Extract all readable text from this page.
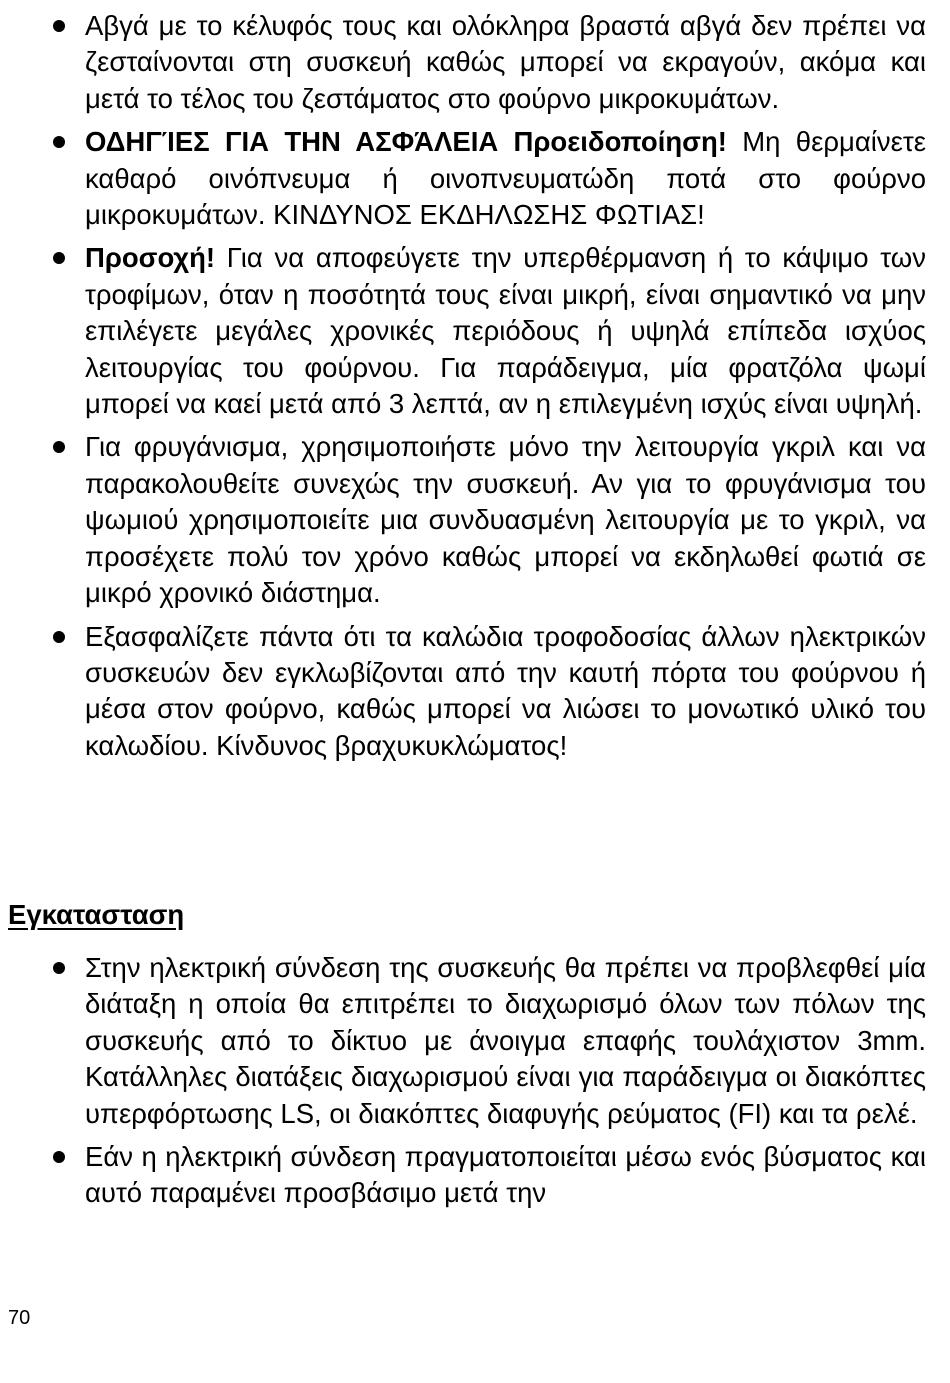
Αβγά με το κέλυφός τους και ολόκληρα βραστά αβγά δεν πρέπει να ζεσταίνονται στη συσκευή καθώς μπορεί να εκραγούν, ακόμα και μετά το τέλος του ζεστάματος στο φούρνο μικροκυμάτων.
ΟΔΗΓΊΕΣ ΓΙΑ ΤΗΝ ΑΣΦΆΛΕΙΑ Προειδοποίηση! Μη θερμαίνετε καθαρό οινόπνευμα ή οινοπνευματώδη ποτά στο φούρνο μικροκυμάτων. ΚΙΝΔΥΝΟΣ ΕΚΔΗΛΩΣΗΣ ΦΩΤΙΑΣ!
Προσοχή! Για να αποφεύγετε την υπερθέρμανση ή το κάψιμο των τροφίμων, όταν η ποσότητά τους είναι μικρή, είναι σημαντικό να μην επιλέγετε μεγάλες χρονικές περιόδους ή υψηλά επίπεδα ισχύος λειτουργίας του φούρνου. Για παράδειγμα, μία φρατζόλα ψωμί μπορεί να καεί μετά από 3 λεπτά, αν η επιλεγμένη ισχύς είναι υψηλή.
Για φρυγάνισμα, χρησιμοποιήστε μόνο την λειτουργία γκριλ και να παρακολουθείτε συνεχώς την συσκευή. Αν για το φρυγάνισμα του ψωμιού χρησιμοποιείτε μια συνδυασμένη λειτουργία με το γκριλ, να προσέχετε πολύ τον χρόνο καθώς μπορεί να εκδηλωθεί φωτιά σε μικρό χρονικό διάστημα.
Εξασφαλίζετε πάντα ότι τα καλώδια τροφοδοσίας άλλων ηλεκτρικών συσκευών δεν εγκλωβίζονται από την καυτή πόρτα του φούρνου ή μέσα στον φούρνο, καθώς μπορεί να λιώσει το μονωτικό υλικό του καλωδίου. Κίνδυνος βραχυκυκλώματος!
Εγκατασταση
Στην ηλεκτρική σύνδεση της συσκευής θα πρέπει να προβλεφθεί μία διάταξη η οποία θα επιτρέπει το διαχωρισμό όλων των πόλων της συσκευής από το δίκτυο με άνοιγμα επαφής τουλάχιστον 3mm. Κατάλληλες διατάξεις διαχωρισμού είναι για παράδειγμα οι διακόπτες υπερφόρτωσης LS, οι διακόπτες διαφυγής ρεύματος (FI) και τα ρελέ.
Εάν η ηλεκτρική σύνδεση πραγματοποιείται μέσω ενός βύσματος και αυτό παραμένει προσβάσιμο μετά την
70
